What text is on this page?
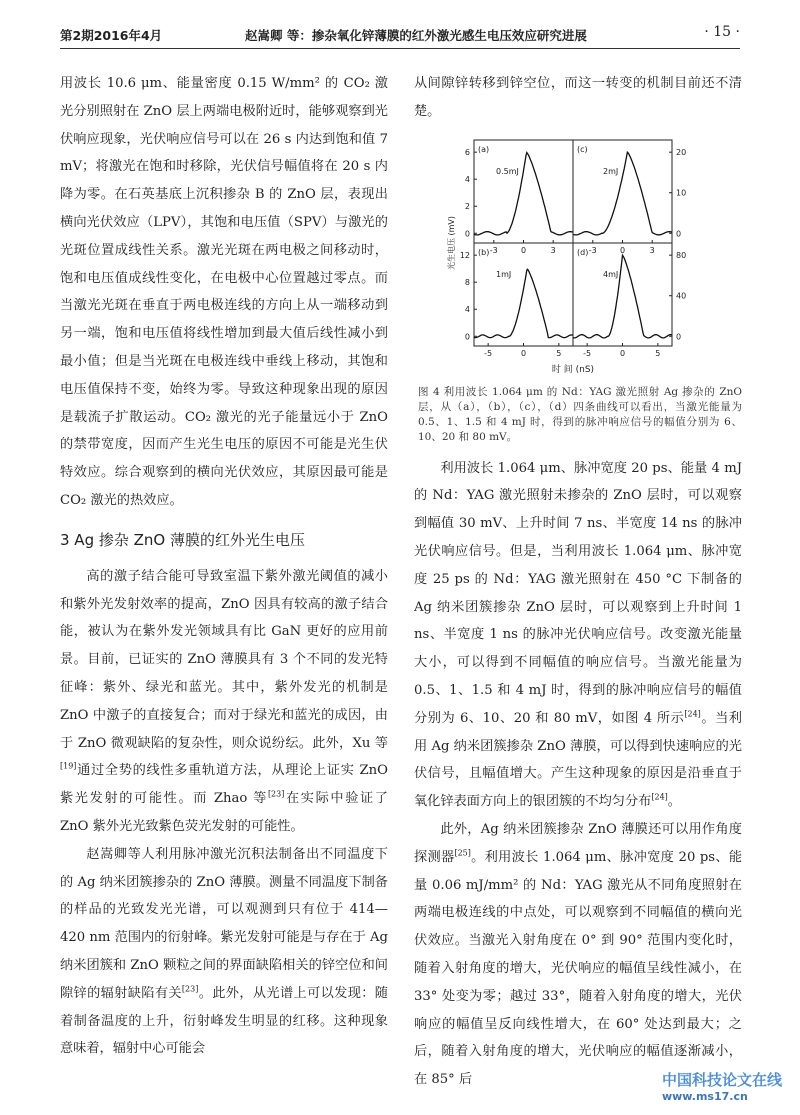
第2期2016年4月	赵嵩卿 等：掺杂氧化锌薄膜的红外激光感生电压效应研究进展	· 15 ·

用波长 10.6 μm、能量密度 0.15 W/mm² 的 CO₂ 激光分别照射在 ZnO 层上两端电极附近时，能够观察到光伏响应现象，光伏响应信号可以在 26 s 内达到饱和值 7 mV；将激光在饱和时移除，光伏信号幅值将在 20 s 内降为零。在石英基底上沉积掺杂 B 的 ZnO 层，表现出横向光伏效应（LPV），其饱和电压值（SPV）与激光的光斑位置成线性关系。激光光斑在两电极之间移动时，饱和电压值成线性变化，在电极中心位置越过零点。而当激光光斑在垂直于两电极连线的方向上从一端移动到另一端，饱和电压值将线性增加到最大值后线性减小到最小值；但是当光斑在电极连线中垂线上移动，其饱和电压值保持不变，始终为零。导致这种现象出现的原因是载流子扩散运动。CO₂ 激光的光子能量远小于 ZnO 的禁带宽度，因而产生光生电压的原因不可能是光生伏特效应。综合观察到的横向光伏效应，其原因最可能是 CO₂ 激光的热效应。

3 Ag 掺杂 ZnO 薄膜的红外光生电压

高的激子结合能可导致室温下紫外激光阈值的减小和紫外光发射效率的提高，ZnO 因具有较高的激子结合能，被认为在紫外发光领域具有比 GaN 更好的应用前景。目前，已证实的 ZnO 薄膜具有 3 个不同的发光特征峰：紫外、绿光和蓝光。其中，紫外发光的机制是 ZnO 中激子的直接复合；而对于绿光和蓝光的成因，由于 ZnO 微观缺陷的复杂性，则众说纷纭。此外，Xu 等[19]通过全势的线性多重轨道方法，从理论上证实 ZnO 紫光发射的可能性。而 Zhao 等[23]在实际中验证了 ZnO 紫外光光致紫色荧光发射的可能性。

赵嵩卿等人利用脉冲激光沉积法制备出不同温度下的 Ag 纳米团簇掺杂的 ZnO 薄膜。测量不同温度下制备的样品的光致发光光谱，可以观测到只有位于 414—420 nm 范围内的衍射峰。紫光发射可能是与存在于 Ag 纳米团簇和 ZnO 颗粒之间的界面缺陷相关的锌空位和间隙锌的辐射缺陷有关[23]。此外，从光谱上可以发现：随着制备温度的上升，衍射峰发生明显的红移。这种现象意味着，辐射中心可能会

从间隙锌转移到锌空位，而这一转变的机制目前还不清楚。

(a)
0.5mJ
0
2
4
6
-3	0	3
(b)
1mJ
0
4
8
12
-5	0	5
(c)
2mJ
0
10
20
-3	0	3
(d)
4mJ
0
40
80
-5	0	5
光生电压 (mV)
时 间 (nS)

图 4 利用波长 1.064 μm 的 Nd：YAG 激光照射 Ag 掺杂的 ZnO 层，从（a），（b），（c），（d）四条曲线可以看出，当激光能量为 0.5、1、1.5 和 4 mJ 时，得到的脉冲响应信号的幅值分别为 6、10、20 和 80 mV。

利用波长 1.064 μm、脉冲宽度 20 ps、能量 4 mJ 的 Nd：YAG 激光照射未掺杂的 ZnO 层时，可以观察到幅值 30 mV、上升时间 7 ns、半宽度 14 ns 的脉冲光伏响应信号。但是，当利用波长 1.064 μm、脉冲宽度 25 ps 的 Nd：YAG 激光照射在 450 °C 下制备的 Ag 纳米团簇掺杂 ZnO 层时，可以观察到上升时间 1 ns、半宽度 1 ns 的脉冲光伏响应信号。改变激光能量大小，可以得到不同幅值的响应信号。当激光能量为 0.5、1、1.5 和 4 mJ 时，得到的脉冲响应信号的幅值分别为 6、10、20 和 80 mV，如图 4 所示[24]。当利用 Ag 纳米团簇掺杂 ZnO 薄膜，可以得到快速响应的光伏信号，且幅值增大。产生这种现象的原因是沿垂直于氧化锌表面方向上的银团簇的不均匀分布[24]。

此外，Ag 纳米团簇掺杂 ZnO 薄膜还可以用作角度探测器[25]。利用波长 1.064 μm、脉冲宽度 20 ps、能量 0.06 mJ/mm² 的 Nd：YAG 激光从不同角度照射在两端电极连线的中点处，可以观察到不同幅值的横向光伏效应。当激光入射角度在 0° 到 90° 范围内变化时，随着入射角度的增大，光伏响应的幅值呈线性减小，在 33° 处变为零；越过 33°，随着入射角度的增大，光伏响应的幅值呈反向线性增大，在 60° 处达到最大；之后，随着入射角度的增大，光伏响应的幅值逐渐减小，在 85° 后	中国科技论文在线
www.ms17.cn
